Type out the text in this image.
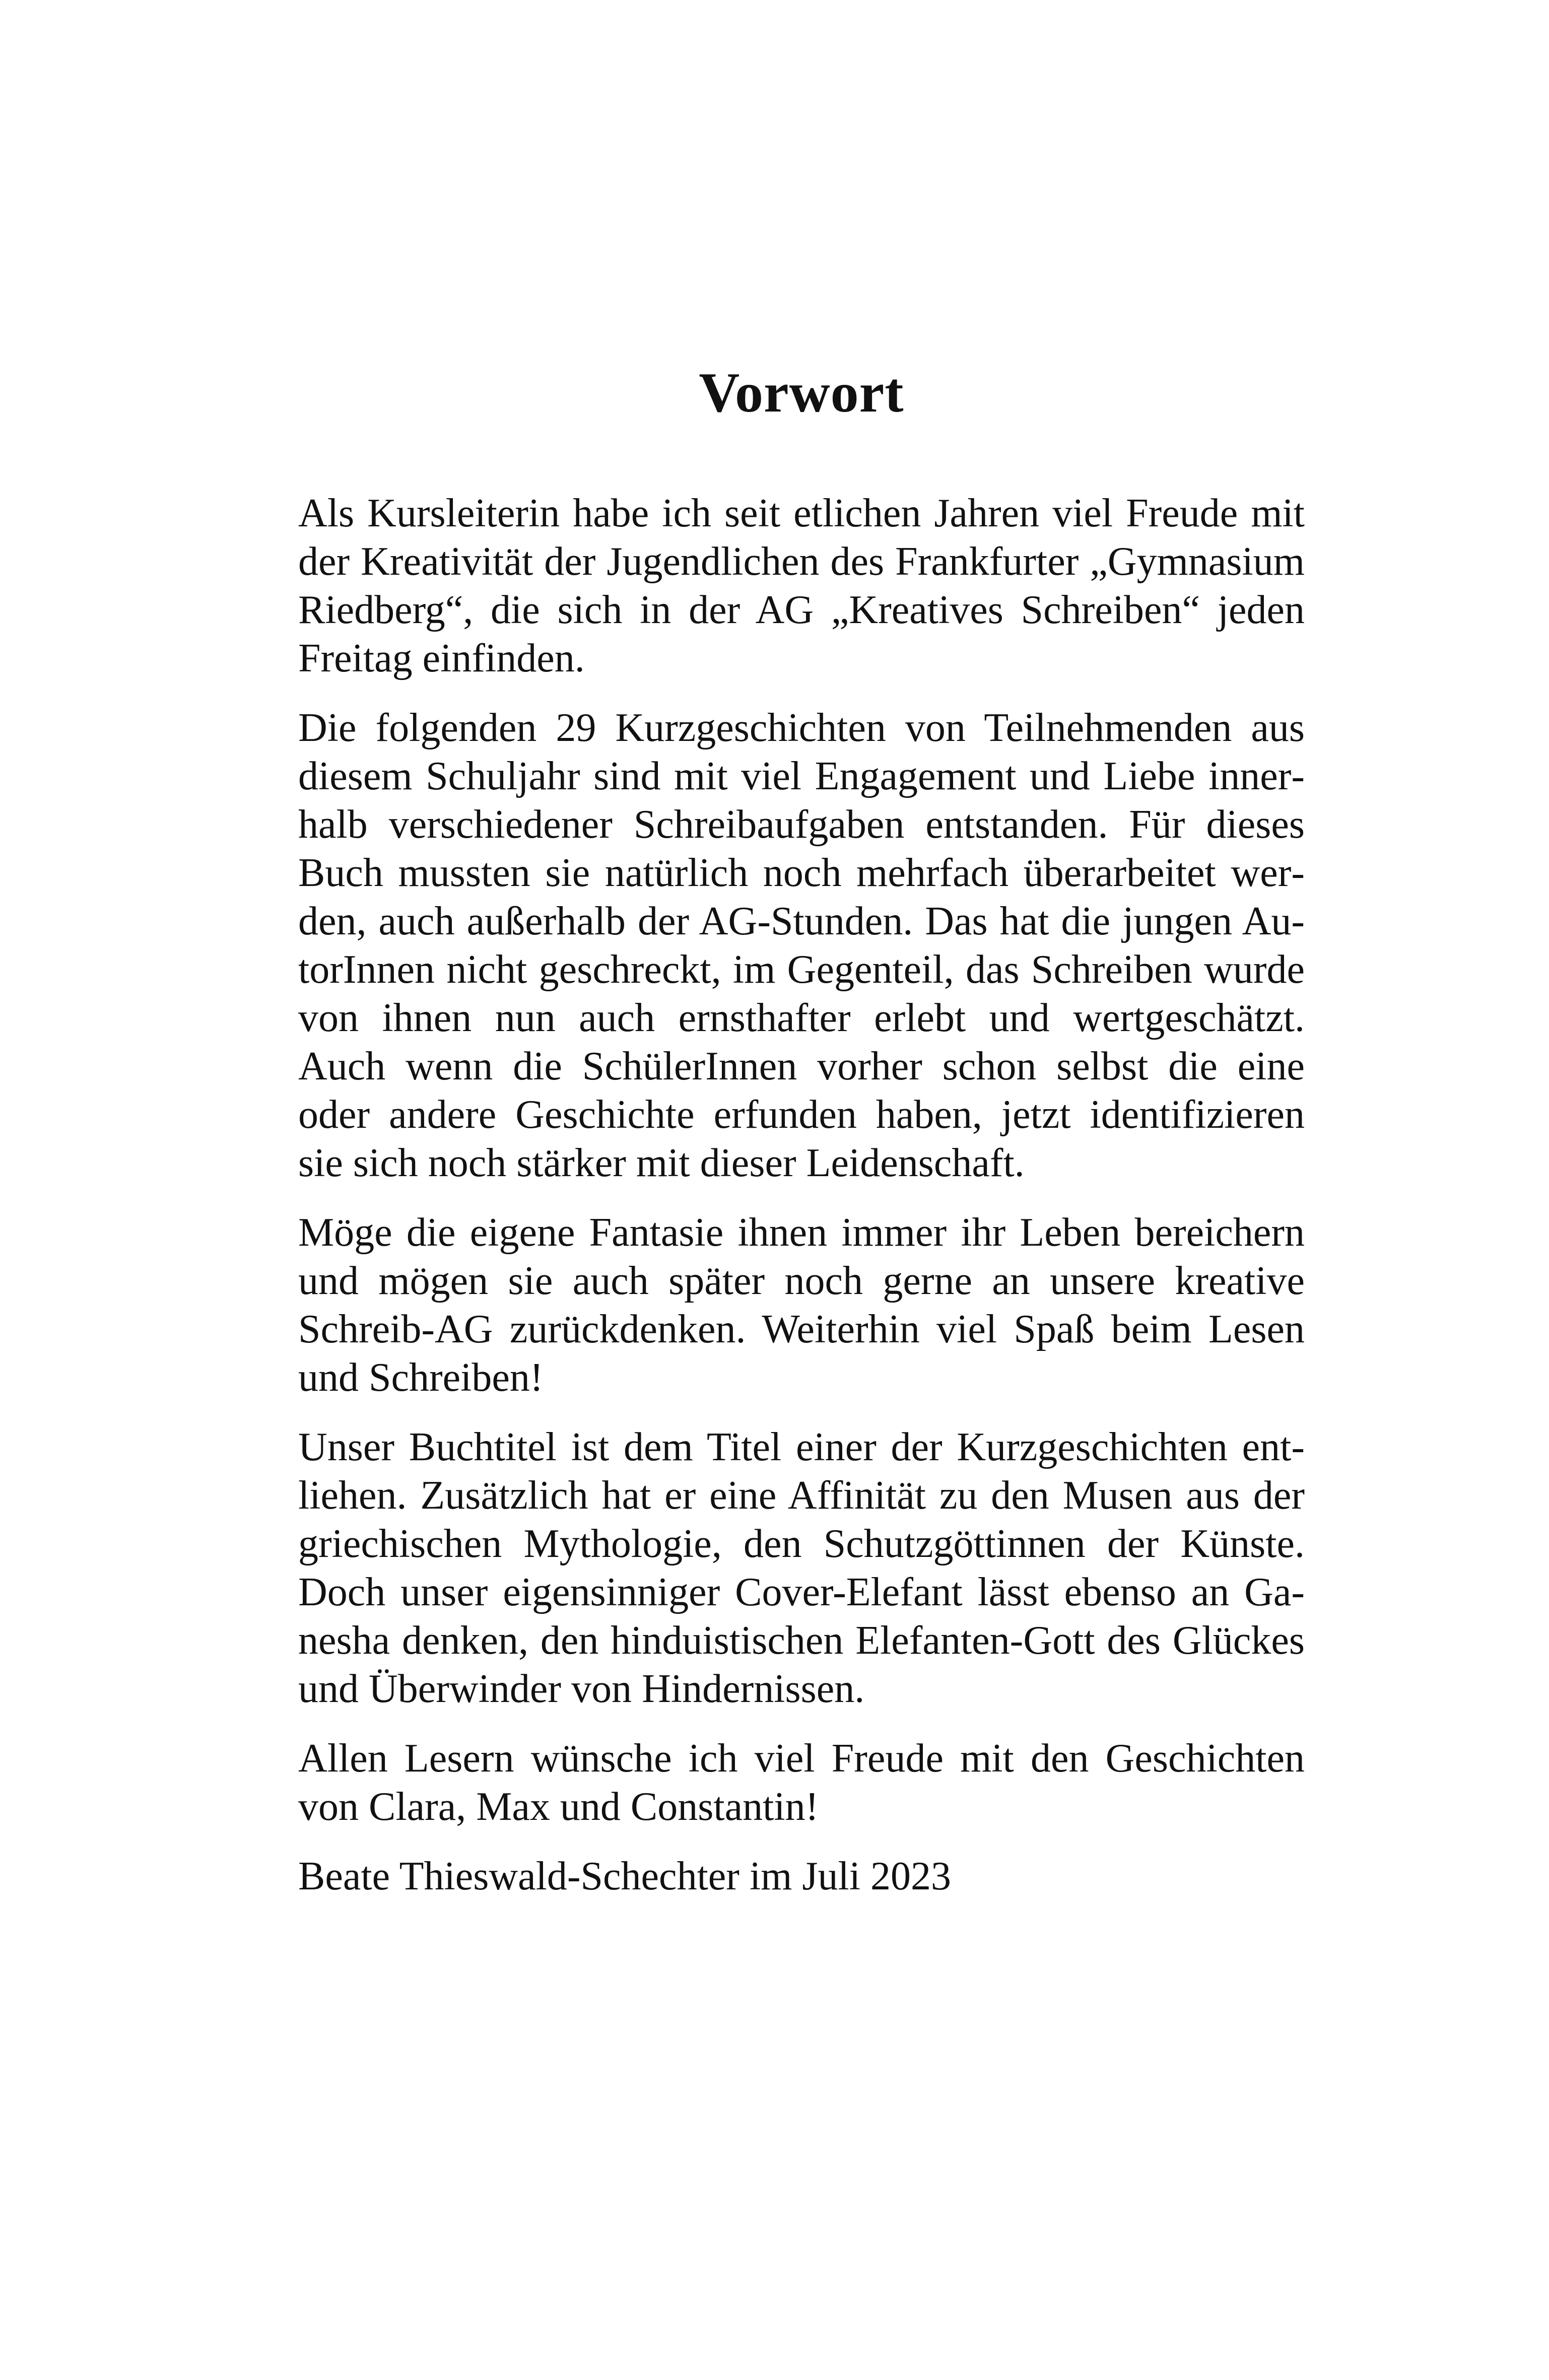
Vorwort

Als Kursleiterin habe ich seit etlichen Jahren viel Freude mit der Kreativität der Jugendlichen des Frankfurter „Gymnasium Riedberg“, die sich in der AG „Kreatives Schreiben“ jeden Freitag einfinden.

Die folgenden 29 Kurzgeschichten von Teilnehmenden aus diesem Schuljahr sind mit viel Engagement und Liebe innerhalb verschiedener Schreibaufgaben entstanden. Für dieses Buch mussten sie natürlich noch mehrfach überarbeitet werden, auch außerhalb der AG-Stunden. Das hat die jungen AutorInnen nicht geschreckt, im Gegenteil, das Schreiben wurde von ihnen nun auch ernsthafter erlebt und wertgeschätzt. Auch wenn die SchülerInnen vorher schon selbst die eine oder andere Geschichte erfunden haben, jetzt identifizieren sie sich noch stärker mit dieser Leidenschaft.

Möge die eigene Fantasie ihnen immer ihr Leben bereichern und mögen sie auch später noch gerne an unsere kreative Schreib-AG zurückdenken. Weiterhin viel Spaß beim Lesen und Schreiben!

Unser Buchtitel ist dem Titel einer der Kurzgeschichten entliehen. Zusätzlich hat er eine Affinität zu den Musen aus der griechischen Mythologie, den Schutzgöttinnen der Künste. Doch unser eigensinniger Cover-Elefant lässt ebenso an Ganesha denken, den hinduistischen Elefanten-Gott des Glückes und Überwinder von Hindernissen.

Allen Lesern wünsche ich viel Freude mit den Geschichten von Clara, Max und Constantin!

Beate Thieswald-Schechter im Juli 2023
